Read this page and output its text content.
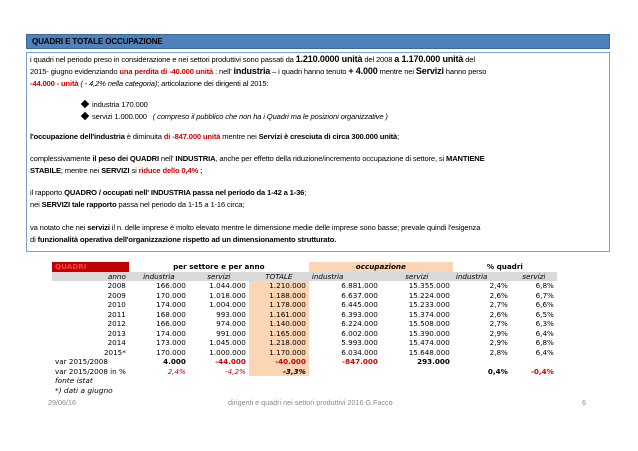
QUADRI E TOTALE OCCUPAZIONE
i quadri nel periodo preso in considerazione e nei settori produttivi sono passati da 1.210.0000 unità del 2008 a 1.170.000 unità del
2015- giugno evidenziando una perdita di -40.000 unità : nell' industria – i quadri hanno tenuto + 4.000 mentre nei Servizi hanno perso
-44.000 - unità ( - 4,2% nella categoria); articolazione dei dirigenti al 2015:
industria 170.000
servizi 1.000.000 ( compreso il pubblico che non ha i Quadri ma le posizioni organizzative )
l'occupazione dell'industria è diminuita di -847.000 unità mentre nei Servizi è cresciuta di circa 300.000 unità;
complessivamente il peso dei QUADRI nell' INDUSTRIA, anche per effetto della riduzione/incremento occupazione di settore, si MANTIENE
STABILE; mentre nei SERVIZI si riduce dello 0,4% ;
il rapporto QUADRO / occupati nell' INDUSTRIA passa nel periodo da 1-42 a 1-36;
nei SERVIZI tale rapporto passa nel periodo da 1-15 a 1-16 circa;
va notato che nei servizi il n. delle imprese è molto elevato mentre le dimensione medie delle imprese sono basse; prevale quindi l'esigenza
di funzionalità operativa dell'organizzazione rispetto ad un dimensionamento strutturato.
QUADRI	per settore e per anno			occupazione		% quadri	
anno	industria	servizi	TOTALE	industria	servizi	industria	servizi
2008	166.000	1.044.000	1.210.000	6.881.000	15.355.000	2,4%	6,8%
2009	170.000	1.018.000	1.188.000	6.637.000	15.224.000	2,6%	6,7%
2010	174.000	1.004.000	1.178.000	6.445.000	15.233.000	2,7%	6,6%
2011	168.000	993.000	1.161.000	6.393.000	15.374.000	2,6%	6,5%
2012	166.000	974.000	1.140.000	6.224.000	15.508.000	2,7%	6,3%
2013	174.000	991.000	1.165.000	6.002.000	15.390.000	2,9%	6,4%
2014	173.000	1.045.000	1.218.000	5.993.000	15.474.000	2,9%	6,8%
2015*	170.000	1.000.000	1.170.000	6.034.000	15.648.000	2,8%	6,4%
var 2015/2008	4.000	-44.000	-40.000	-847.000	293.000		
var 2015/2008 in %	2,4%	-4,2%	-3,3%			0,4%	-0,4%
fonte istat							
*) dati a giugno							
29/06/16	dirigenti e quadri nei settori produttivi 2016 G.Facco	6
